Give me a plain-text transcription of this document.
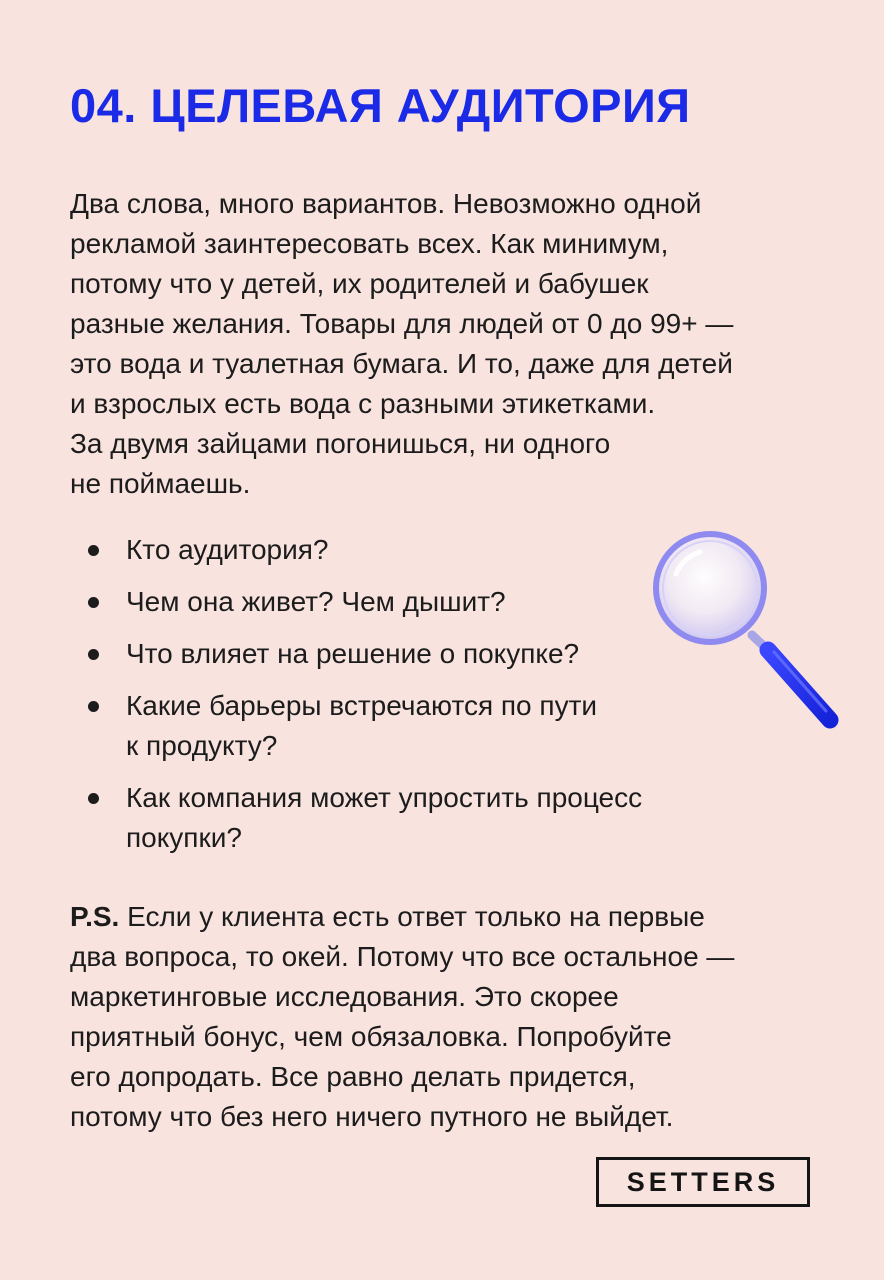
04. ЦЕЛЕВАЯ АУДИТОРИЯ
Два слова, много вариантов. Невозможно одной
рекламой заинтересовать всех. Как минимум,
потому что у детей, их родителей и бабушек
разные желания. Товары для людей от 0 до 99+ —
это вода и туалетная бумага. И то, даже для детей
и взрослых есть вода с разными этикетками.
За двумя зайцами погонишься, ни одного
не поймаешь.
Кто аудитория?
Чем она живет? Чем дышит?
Что влияет на решение о покупке?
Какие барьеры встречаются по пути
к продукту?
Как компания может упростить процесс
покупки?
P.S. Если у клиента есть ответ только на первые
два вопроса, то окей. Потому что все остальное —
маркетинговые исследования. Это скорее
приятный бонус, чем обязаловка. Попробуйте
его допродать. Все равно делать придется,
потому что без него ничего путного не выйдет.
SETTERS
